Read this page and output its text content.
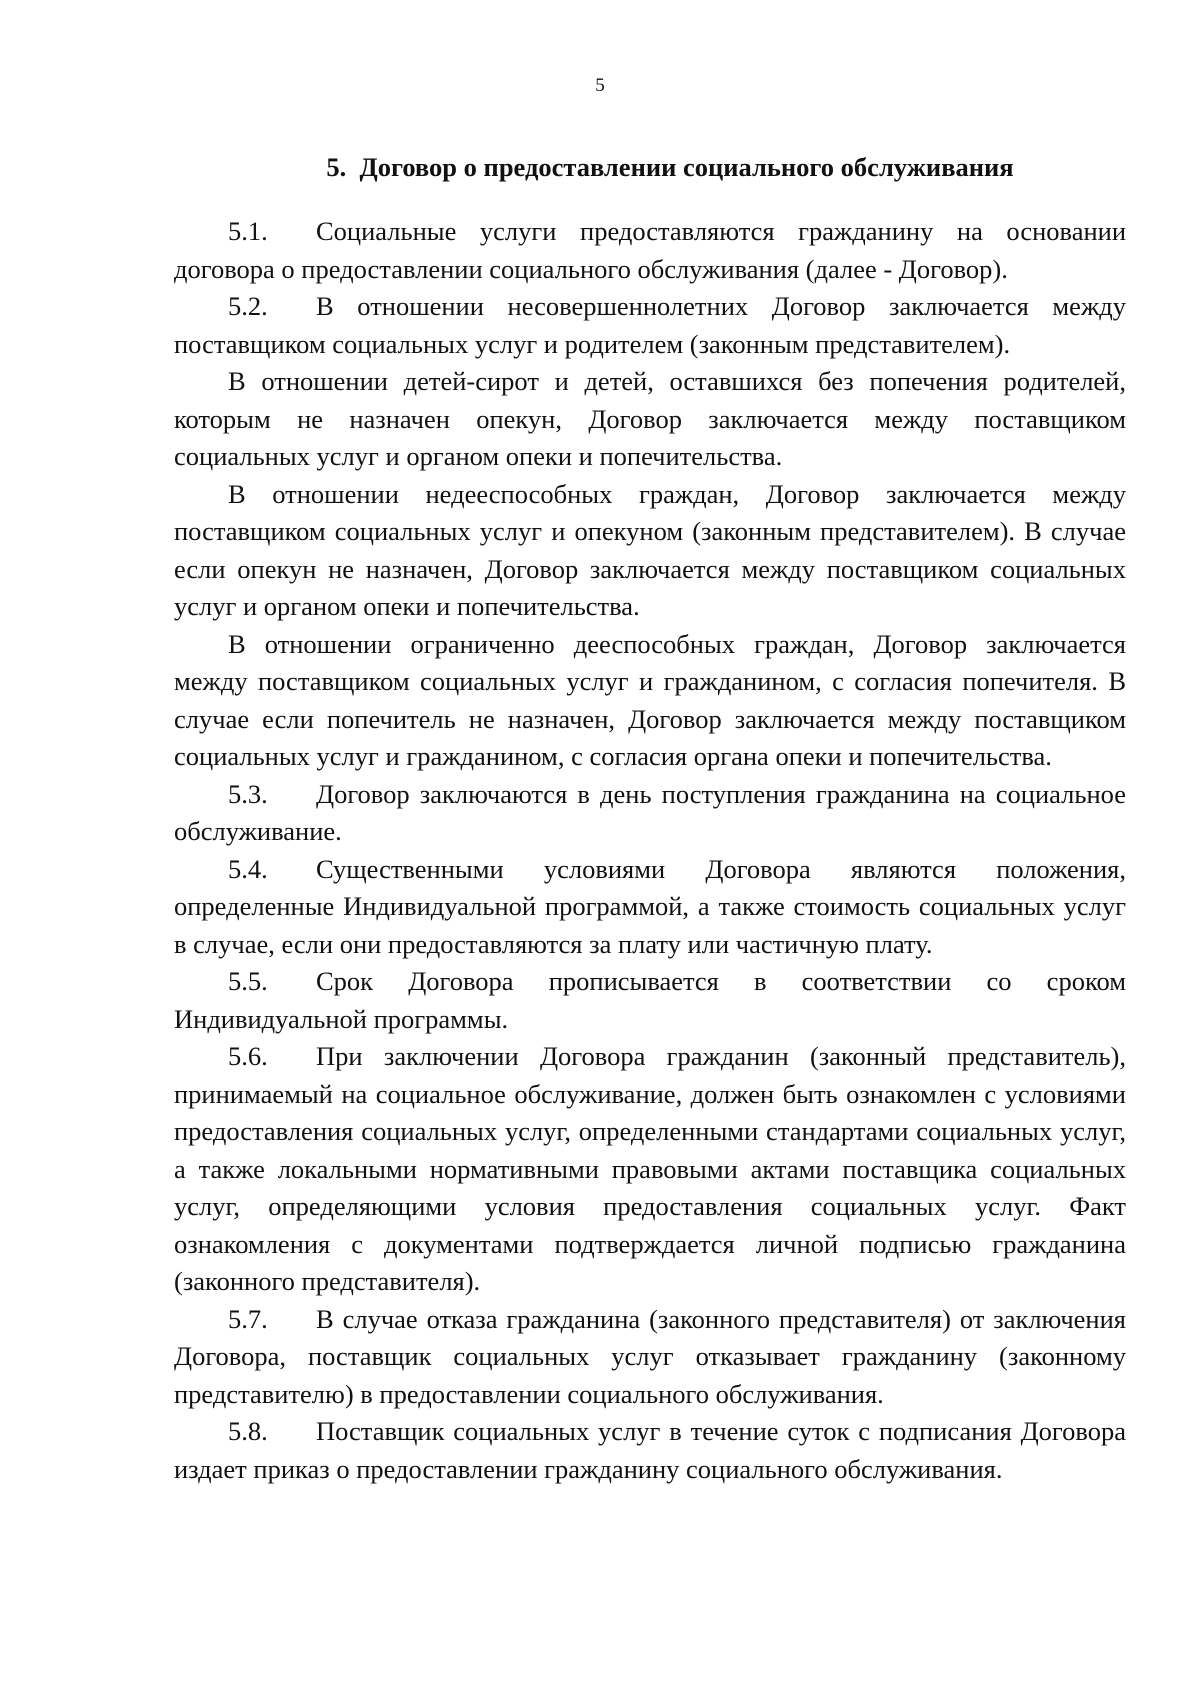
5
5. Договор о предоставлении социального обслуживания

5.1. Социальные услуги предоставляются гражданину на основании договора о предоставлении социального обслуживания (далее - Договор).

5.2. В отношении несовершеннолетних Договор заключается между поставщиком социальных услуг и родителем (законным представителем).

В отношении детей-сирот и детей, оставшихся без попечения родителей, которым не назначен опекун, Договор заключается между поставщиком социальных услуг и органом опеки и попечительства.

В отношении недееспособных граждан, Договор заключается между поставщиком социальных услуг и опекуном (законным представителем). В случае если опекун не назначен, Договор заключается между поставщиком социальных услуг и органом опеки и попечительства.

В отношении ограниченно дееспособных граждан, Договор заключается между поставщиком социальных услуг и гражданином, с согласия попечителя. В случае если попечитель не назначен, Договор заключается между поставщиком социальных услуг и гражданином, с согласия органа опеки и попечительства.

5.3. Договор заключаются в день поступления гражданина на социальное обслуживание.

5.4. Существенными условиями Договора являются положения, определенные Индивидуальной программой, а также стоимость социальных услуг в случае, если они предоставляются за плату или частичную плату.

5.5. Срок Договора прописывается в соответствии со сроком Индивидуальной программы.

5.6. При заключении Договора гражданин (законный представитель), принимаемый на социальное обслуживание, должен быть ознакомлен с условиями предоставления социальных услуг, определенными стандартами социальных услуг, а также локальными нормативными правовыми актами поставщика социальных услуг, определяющими условия предоставления социальных услуг. Факт ознакомления с документами подтверждается личной подписью гражданина (законного представителя).

5.7. В случае отказа гражданина (законного представителя) от заключения Договора, поставщик социальных услуг отказывает гражданину (законному представителю) в предоставлении социального обслуживания.

5.8. Поставщик социальных услуг в течение суток с подписания Договора издает приказ о предоставлении гражданину социального обслуживания.
